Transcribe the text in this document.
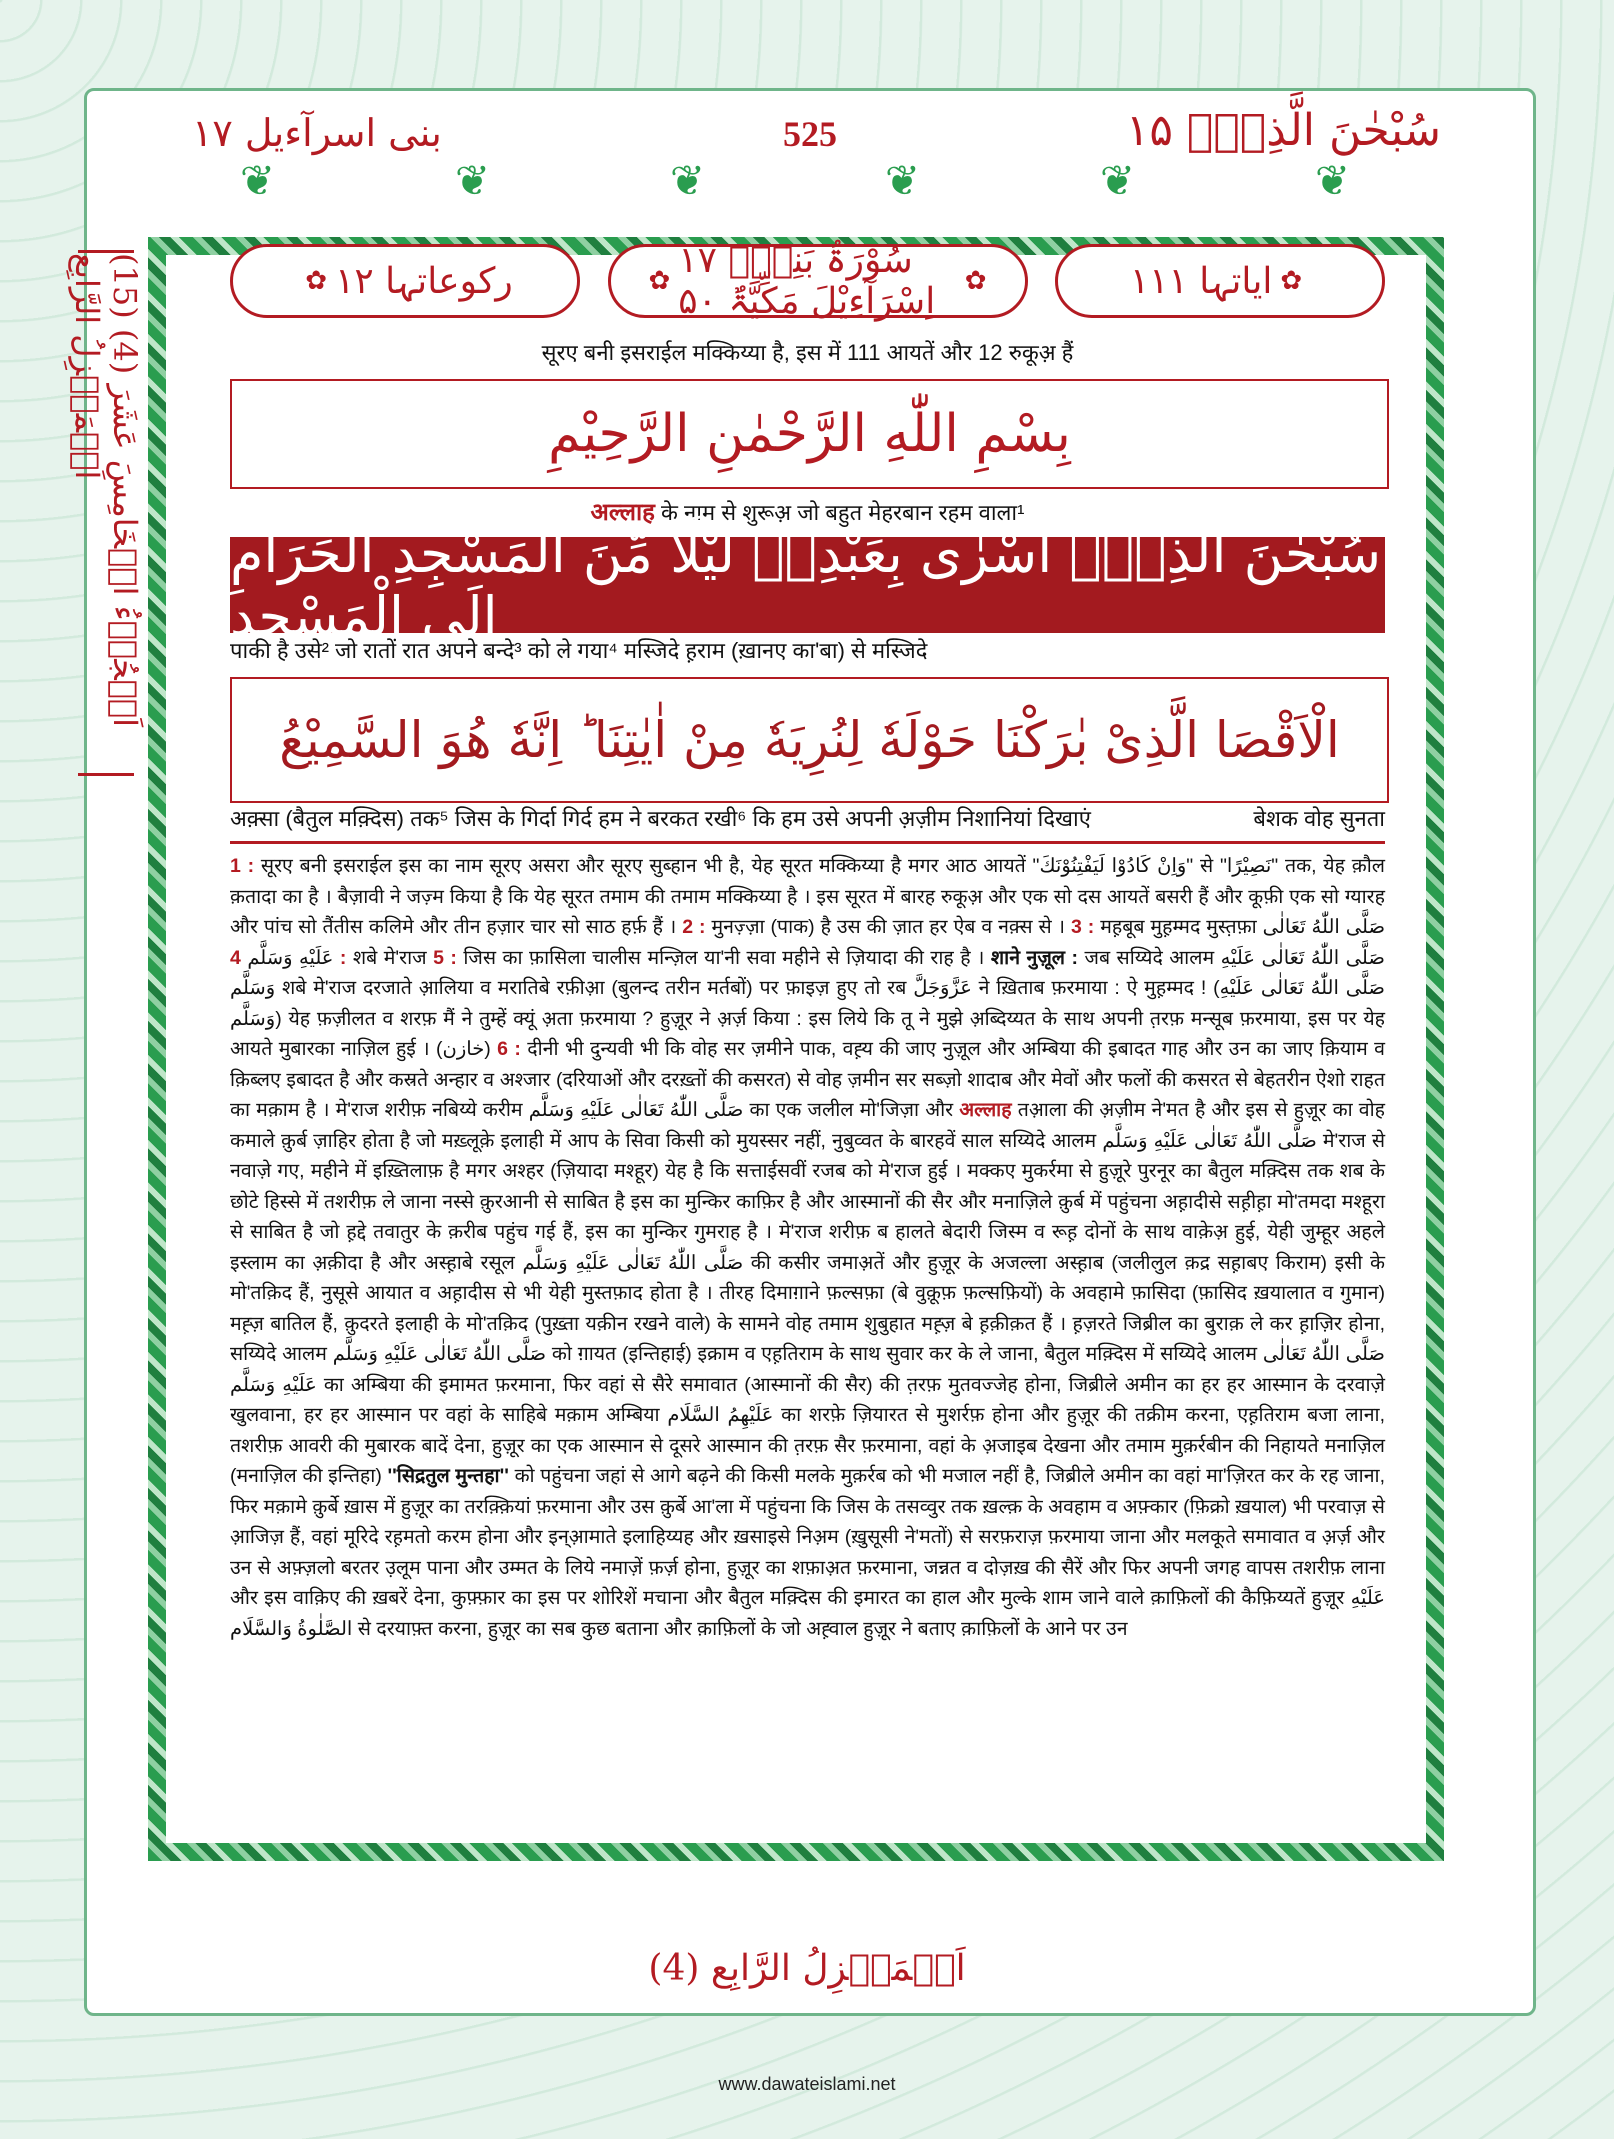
بنی اسرآءیل ۱۷	525	سُبْحٰنَ الَّذِیْۤ ۱۵
❦	❦	❦	❦	❦	❦
(15) اَلۡجُزۡءُ الۡخَامِسَ عَشَرَ (4) اَلۡمَنۡزِلُ الرَّابِع	✿ رکوعاتہا ۱۲	✿ ۱۷ سُوْرَۃُ بَنِیْۤ اِسْرَآءِیْلَ مَکِّیَّۃٌ ۵۰	✿	ایاتہا ۱۱۱ ✿
सूरए बनी इसराईल मक्किय्या है, इस में 111 आयतें और 12 रुकूअ़ हैं
بِسْمِ اللّٰهِ الرَّحْمٰنِ الرَّحِیْمِ
अल्लाह के नाम से शुरूअ़ जो बहुत मेहरबान रहम वाला¹
سُبْحٰنَ الَّذِیْۤ اَسْرٰی بِعَبْدِهٖ لَیْلًا مِّنَ الْمَسْجِدِ الْحَرَامِ اِلَى الْمَسْجِدِ
पाकी है उसे² जो रातों रात अपने बन्दे³ को ले गया⁴ मस्जिदे ह़राम (ख़ानए का'बा) से मस्जिदे
الْاَقْصَا الَّذِیْ بٰرَكْنَا حَوْلَهٗ لِنُرِیَهٗ مِنْ اٰیٰتِنَا ؕ اِنَّهٗ هُوَ السَّمِیْعُ
अक़्सा (बैतुल मक़्दिस) तक⁵ जिस के गिर्दा गिर्द हम ने बरकत रखी⁶ कि हम उसे अपनी अ़ज़ीम निशानियां दिखाएं	बेशक वोह सुनता
1 : सूरए बनी इसराईल इस का नाम सूरए असरा और सूरए सुब्हान भी है, येह सूरत मक्किय्या है मगर आठ आयतें "وَاِنْ كَادُوْا لَيَفْتِنُوْنَكَ" से "نَصِيْرًا" तक, येह क़ौल क़तादा का है । बैज़ावी ने जज़्म किया है कि येह सूरत तमाम की तमाम मक्किय्या है । इस सूरत में बारह रुकूअ़ और एक सो दस आयतें बसरी हैं और कूफ़ी एक सो ग्यारह और पांच सो तैंतीस कलिमे और तीन हज़ार चार सो साठ हर्फ़ हैं । 2 : मुनज़्ज़ा (पाक) है उस की ज़ात हर ऐब व नक़्स से । 3 : मह़बूब मुह़म्मद मुस्त़फ़ा صَلَّى اللّٰهُ تَعَالٰى عَلَيْهِ وَسَلَّم 4 : शबे मे'राज 5 : जिस का फ़ासिला चालीस मन्ज़िल या'नी सवा महीने से ज़ियादा की राह है । शाने नुज़ूल : जब सय्यिदे आलम صَلَّى اللّٰهُ تَعَالٰى عَلَيْهِ وَسَلَّم शबे मे'राज दरजाते आ़लिया व मरातिबे रफ़ीआ़ (बुलन्द तरीन मर्तबों) पर फ़ाइज़ हुए तो रब عَزَّوَجَلَّ ने ख़िताब फ़रमाया : ऐ मुह़म्मद ! (صَلَّى اللّٰهُ تَعَالٰى عَلَيْهِ وَسَلَّم) येह फ़ज़ीलत व शरफ़ मैं ने तुम्हें क्यूं अ़ता फ़रमाया ? हुज़ूर ने अ़र्ज़ किया : इस लिये कि तू ने मुझे अ़ब्दिय्यत के साथ अपनी त़रफ़ मन्सूब फ़रमाया, इस पर येह आयते मुबारका नाज़िल हुई । (خازن) 6 : दीनी भी दुन्यवी भी कि वोह सर ज़मीने पाक, वह़्य की जाए नुज़ूल और अम्बिया की इबादत गाह और उन का जाए क़ियाम व क़िब्लए इबादत है और कस्रते अन्हार व अश्जार (दरियाओं और दरख़्तों की कसरत) से वोह ज़मीन सर सब्ज़ो शादाब और मेवों और फलों की कसरत से बेहतरीन ऐशो राहत का मक़ाम है । मे'राज शरीफ़ नबिय्ये करीम صَلَّى اللّٰهُ تَعَالٰى عَلَيْهِ وَسَلَّم का एक जलील मो'जिज़ा और अल्लाह तआ़ला की अ़ज़ीम ने'मत है और इस से हुज़ूर का वोह कमाले क़ुर्ब ज़ाहिर होता है जो मख़्लूक़े इलाही में आप के सिवा किसी को मुयस्सर नहीं, नुबुव्वत के बारहवें साल सय्यिदे आलम صَلَّى اللّٰهُ تَعَالٰى عَلَيْهِ وَسَلَّم मे'राज से नवाज़े गए, महीने में इख़्तिलाफ़ है मगर अश्हर (ज़ियादा मश्हूर) येह है कि सत्ताईसवीं रजब को मे'राज हुई । मक्कए मुकर्रमा से हुज़ूरे पुरनूर का बैतुल मक़्दिस तक शब के छोटे हिस्से में तशरीफ़ ले जाना नस्से क़ुरआनी से साबित है इस का मुन्किर काफ़िर है और आस्मानों की सैर और मनाज़िले क़ुर्ब में पहुंचना अह़ादीसे सह़ीह़ा मो'तमदा मश्हूरा से साबित है जो ह़द्दे तवातुर के क़रीब पहुंच गई हैं, इस का मुन्किर गुमराह है । मे'राज शरीफ़ ब हालते बेदारी जिस्म व रूह़ दोनों के साथ वाक़ेअ़ हुई, येही जुम्हूर अहले इस्लाम का अ़क़ीदा है और अस्ह़ाबे रसूल صَلَّى اللّٰهُ تَعَالٰى عَلَيْهِ وَسَلَّم की कसीर जमाअ़तें और हुज़ूर के अजल्ला अस्ह़ाब (जलीलुल क़द्र सह़ाबए किराम) इसी के मो'तक़िद हैं, नुसूसे आयात व अह़ादीस से भी येही मुस्तफ़ाद होता है । तीरह दिमाग़ाने फ़ल्सफ़ा (बे वुक़ूफ़ फ़ल्सफ़ियों) के अवहामे फ़ासिदा (फ़ासिद ख़यालात व गुमान) मह़्ज़ बातिल हैं, क़ुदरते इलाही के मो'तक़िद (पुख़्ता यक़ीन रखने वाले) के सामने वोह तमाम शुबुहात मह़्ज़ बे ह़क़ीक़त हैं । ह़ज़रते जिब्रील का बुराक़ ले कर ह़ाज़िर होना, सय्यिदे आलम صَلَّى اللّٰهُ تَعَالٰى عَلَيْهِ وَسَلَّم को ग़ायत (इन्तिहाई) इक्राम व एह़तिराम के साथ सुवार कर के ले जाना, बैतुल मक़्दिस में सय्यिदे आलम صَلَّى اللّٰهُ تَعَالٰى عَلَيْهِ وَسَلَّم का अम्बिया की इमामत फ़रमाना, फिर वहां से सैरे समावात (आस्मानों की सैर) की त़रफ़ मुतवज्जेह होना, जिब्रीले अमीन का हर हर आस्मान के दरवाज़े खुलवाना, हर हर आस्मान पर वहां के साहिबे मक़ाम अम्बिया عَلَيْهِمُ السَّلَام का शरफ़े ज़ियारत से मुशर्रफ़ होना और हुज़ूर की तक्रीम करना, एह़तिराम बजा लाना, तशरीफ़ आवरी की मुबारक बादें देना, हुज़ूर का एक आस्मान से दूसरे आस्मान की त़रफ़ सैर फ़रमाना, वहां के अ़जाइब देखना और तमाम मुक़र्रबीन की निहायते मनाज़िल (मनाज़िल की इन्तिहा) ''सिद्रतुल मुन्तहा'' को पहुंचना जहां से आगे बढ़ने की किसी मलके मुक़र्रब को भी मजाल नहीं है, जिब्रीले अमीन का वहां मा'ज़िरत कर के रह जाना, फिर मक़ामे क़ुर्बे ख़ास में हुज़ूर का तरक़्क़ियां फ़रमाना और उस क़ुर्बे आ'ला में पहुंचना कि जिस के तसव्वुर तक ख़ल्क़ के अवहाम व अफ़्कार (फ़िक्रो ख़याल) भी परवाज़ से आ़जिज़ हैं, वहां मूरिदे रह़मतो करम होना और इन्आ़माते इलाहिय्यह और ख़साइसे निअ़म (ख़ुसूसी ने'मतों) से सरफ़राज़ फ़रमाया जाना और मलकूते समावात व अ़र्ज़ और उन से अफ़्ज़लो बरतर उ़लूम पाना और उम्मत के लिये नमाज़ें फ़र्ज़ होना, हुज़ूर का शफ़ाअ़त फ़रमाना, जन्नत व दोज़ख़ की सैरें और फिर अपनी जगह वापस तशरीफ़ लाना और इस वाक़िए की ख़बरें देना, कुफ़्फ़ार का इस पर शोरिशें मचाना और बैतुल मक़्दिस की इमारत का हाल और मुल्के शाम जाने वाले क़ाफ़िलों की कैफ़िय्यतें हुज़ूर عَلَيْهِ الصَّلٰوةُ وَالسَّلَام से दरयाफ़्त करना, हुज़ूर का सब कुछ बताना और क़ाफ़िलों के जो अह़्वाल हुज़ूर ने बताए क़ाफ़िलों के आने पर उन
اَلۡمَنۡزِلُ الرَّابِع (4)
www.dawateislami.net
